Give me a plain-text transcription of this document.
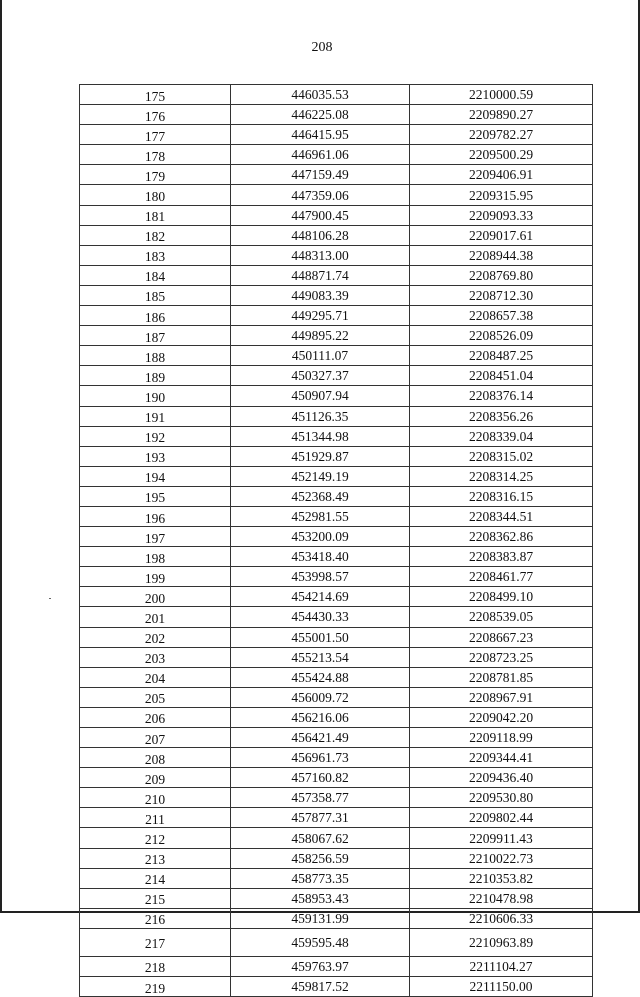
208
175	446035.53	2210000.59
176	446225.08	2209890.27
177	446415.95	2209782.27
178	446961.06	2209500.29
179	447159.49	2209406.91
180	447359.06	2209315.95
181	447900.45	2209093.33
182	448106.28	2209017.61
183	448313.00	2208944.38
184	448871.74	2208769.80
185	449083.39	2208712.30
186	449295.71	2208657.38
187	449895.22	2208526.09
188	450111.07	2208487.25
189	450327.37	2208451.04
190	450907.94	2208376.14
191	451126.35	2208356.26
192	451344.98	2208339.04
193	451929.87	2208315.02
194	452149.19	2208314.25
195	452368.49	2208316.15
196	452981.55	2208344.51
197	453200.09	2208362.86
198	453418.40	2208383.87
199	453998.57	2208461.77
200	454214.69	2208499.10
201	454430.33	2208539.05
202	455001.50	2208667.23
203	455213.54	2208723.25
204	455424.88	2208781.85
205	456009.72	2208967.91
206	456216.06	2209042.20
207	456421.49	2209118.99
208	456961.73	2209344.41
209	457160.82	2209436.40
210	457358.77	2209530.80
211	457877.31	2209802.44
212	458067.62	2209911.43
213	458256.59	2210022.73
214	458773.35	2210353.82
215	458953.43	2210478.98
216	459131.99	2210606.33
217	459595.48	2210963.89
218	459763.97	2211104.27
219	459817.52	2211150.00
